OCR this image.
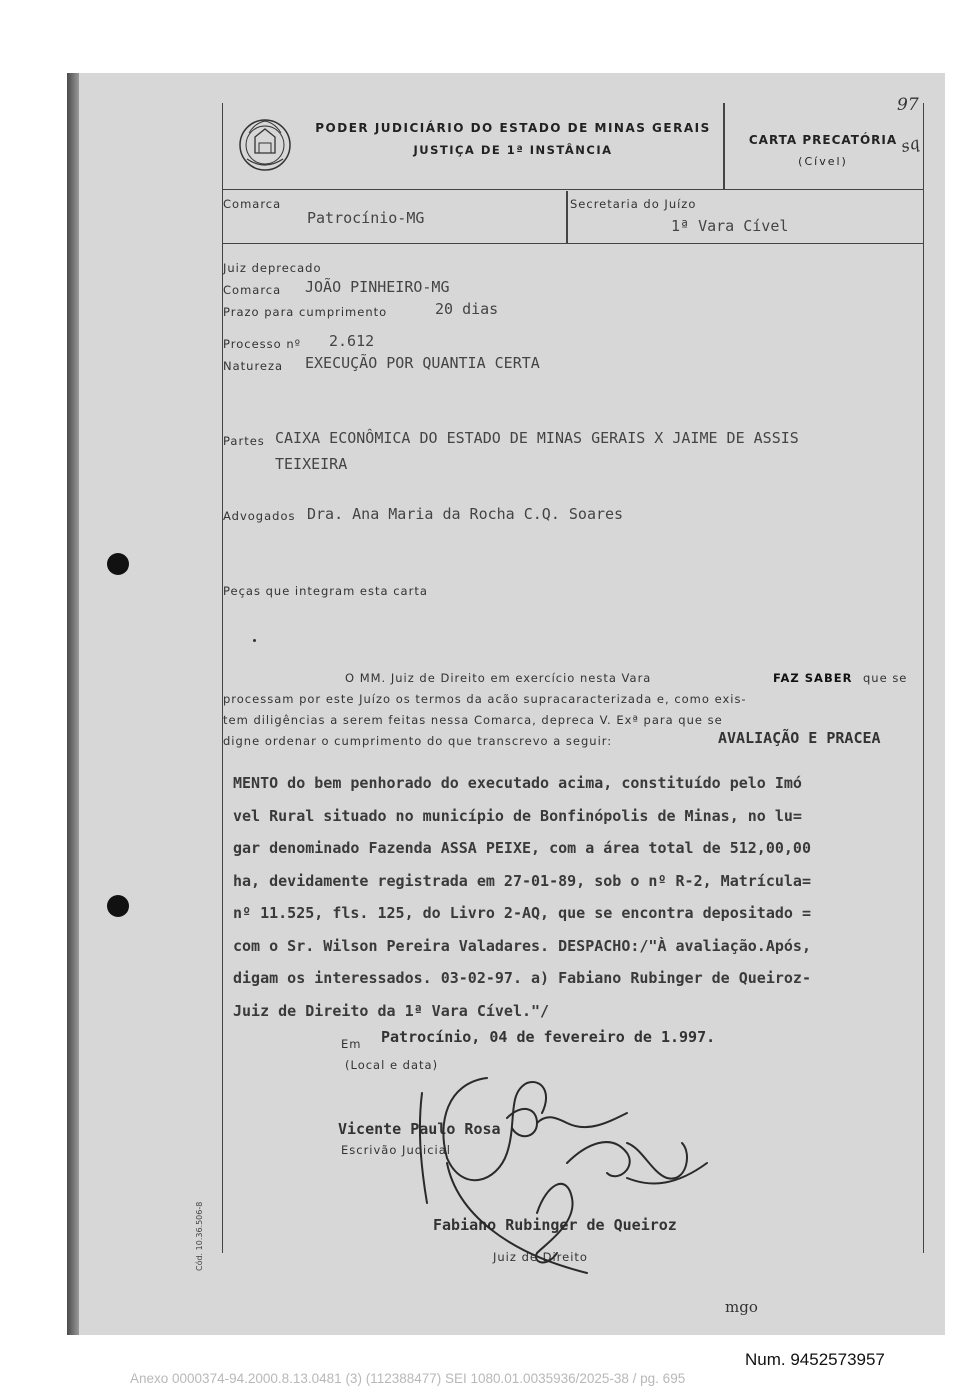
PODER JUDICIÁRIO DO ESTADO DE MINAS GERAIS
JUSTIÇA DE 1ª INSTÂNCIA
CARTA PRECATÓRIA
(Cível)
Comarca
Patrocínio-MG
Secretaria do Juízo
1ª Vara Cível
Juiz deprecado
Comarca JOÃO PINHEIRO-MG
Prazo para cumprimento	20 dias
Processo nº 2.612
Natureza EXECUÇÃO POR QUANTIA CERTA
Partes CAIXA ECONÔMICA DO ESTADO DE MINAS GERAIS X JAIME DE ASSIS
TEIXEIRA
Advogados Dra. Ana Maria da Rocha C.Q. Soares
Peças que integram esta carta
O MM. Juiz de Direito em exercício nesta Vara	FAZ SABER que se
processam por este Juízo os termos da acão supracaracterizada e, como exis-
tem diligências a serem feitas nessa Comarca, depreca V. Exª para que se
digne ordenar o cumprimento do que transcrevo a seguir:	AVALIAÇÃO E PRACEA
MENTO do bem penhorado do executado acima, constituído pelo Imó
vel Rural situado no município de Bonfinópolis de Minas, no lu=
gar denominado Fazenda ASSA PEIXE, com a área total de 512,00,00
ha, devidamente registrada em 27-01-89, sob o nº R-2, Matrícula=
nº 11.525, fls. 125, do Livro 2-AQ, que se encontra depositado =
com o Sr. Wilson Pereira Valadares. DESPACHO:/"À avaliação.Após,
digam os interessados. 03-02-97. a) Fabiano Rubinger de Queiroz-
Juiz de Direito da 1ª Vara Cível."/
Em Patrocínio, 04 de fevereiro de 1.997.
(Local e data)
Vicente Paulo Rosa
Escrivão Judicial
Fabiano Rubinger de Queiroz
Juiz de Direito
97
sq
mgo
Cód. 10.36.506-8
Num. 9452573957
Anexo 0000374-94.2000.8.13.0481 (3) (112388477) SEI 1080.01.0035936/2025-38 / pg. 695
